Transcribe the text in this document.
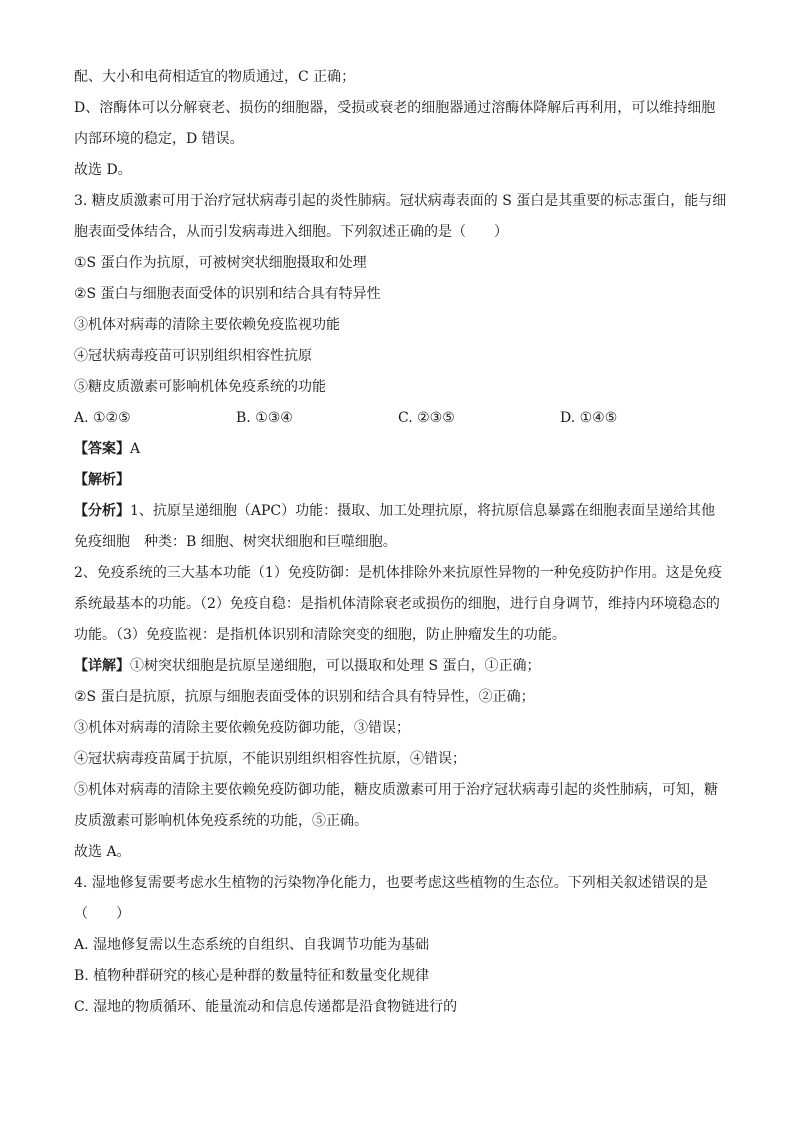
配、大小和电荷相适宜的物质通过，C 正确；
D、溶酶体可以分解衰老、损伤的细胞器，受损或衰老的细胞器通过溶酶体降解后再利用，可以维持细胞
内部环境的稳定，D 错误。
故选 D。
3. 糖皮质激素可用于治疗冠状病毒引起的炎性肺病。冠状病毒表面的 S 蛋白是其重要的标志蛋白，能与细
胞表面受体结合，从而引发病毒进入细胞。下列叙述正确的是（　　）
①S 蛋白作为抗原，可被树突状细胞摄取和处理
②S 蛋白与细胞表面受体的识别和结合具有特异性
③机体对病毒的清除主要依赖免疫监视功能
④冠状病毒疫苗可识别组织相容性抗原
⑤糖皮质激素可影响机体免疫系统的功能
A. ①②⑤	B. ①③④	C. ②③⑤	D. ①④⑤
【答案】A
【解析】
【分析】1、抗原呈递细胞（APC）功能：摄取、加工处理抗原，将抗原信息暴露在细胞表面呈递给其他
免疫细胞　种类：B 细胞、树突状细胞和巨噬细胞。
2、免疫系统的三大基本功能（1）免疫防御：是机体排除外来抗原性异物的一种免疫防护作用。这是免疫
系统最基本的功能。（2）免疫自稳：是指机体清除衰老或损伤的细胞，进行自身调节，维持内环境稳态的
功能。（3）免疫监视：是指机体识别和清除突变的细胞，防止肿瘤发生的功能。
【详解】①树突状细胞是抗原呈递细胞，可以摄取和处理 S 蛋白，①正确；
②S 蛋白是抗原，抗原与细胞表面受体的识别和结合具有特异性，②正确；
③机体对病毒的清除主要依赖免疫防御功能，③错误；
④冠状病毒疫苗属于抗原，不能识别组织相容性抗原，④错误；
⑤机体对病毒的清除主要依赖免疫防御功能，糖皮质激素可用于治疗冠状病毒引起的炎性肺病，可知，糖
皮质激素可影响机体免疫系统的功能，⑤正确。
故选 A。
4. 湿地修复需要考虑水生植物的污染物净化能力，也要考虑这些植物的生态位。下列相关叙述错误的是
（　　）
A. 湿地修复需以生态系统的自组织、自我调节功能为基础
B. 植物种群研究的核心是种群的数量特征和数量变化规律
C. 湿地的物质循环、能量流动和信息传递都是沿食物链进行的
